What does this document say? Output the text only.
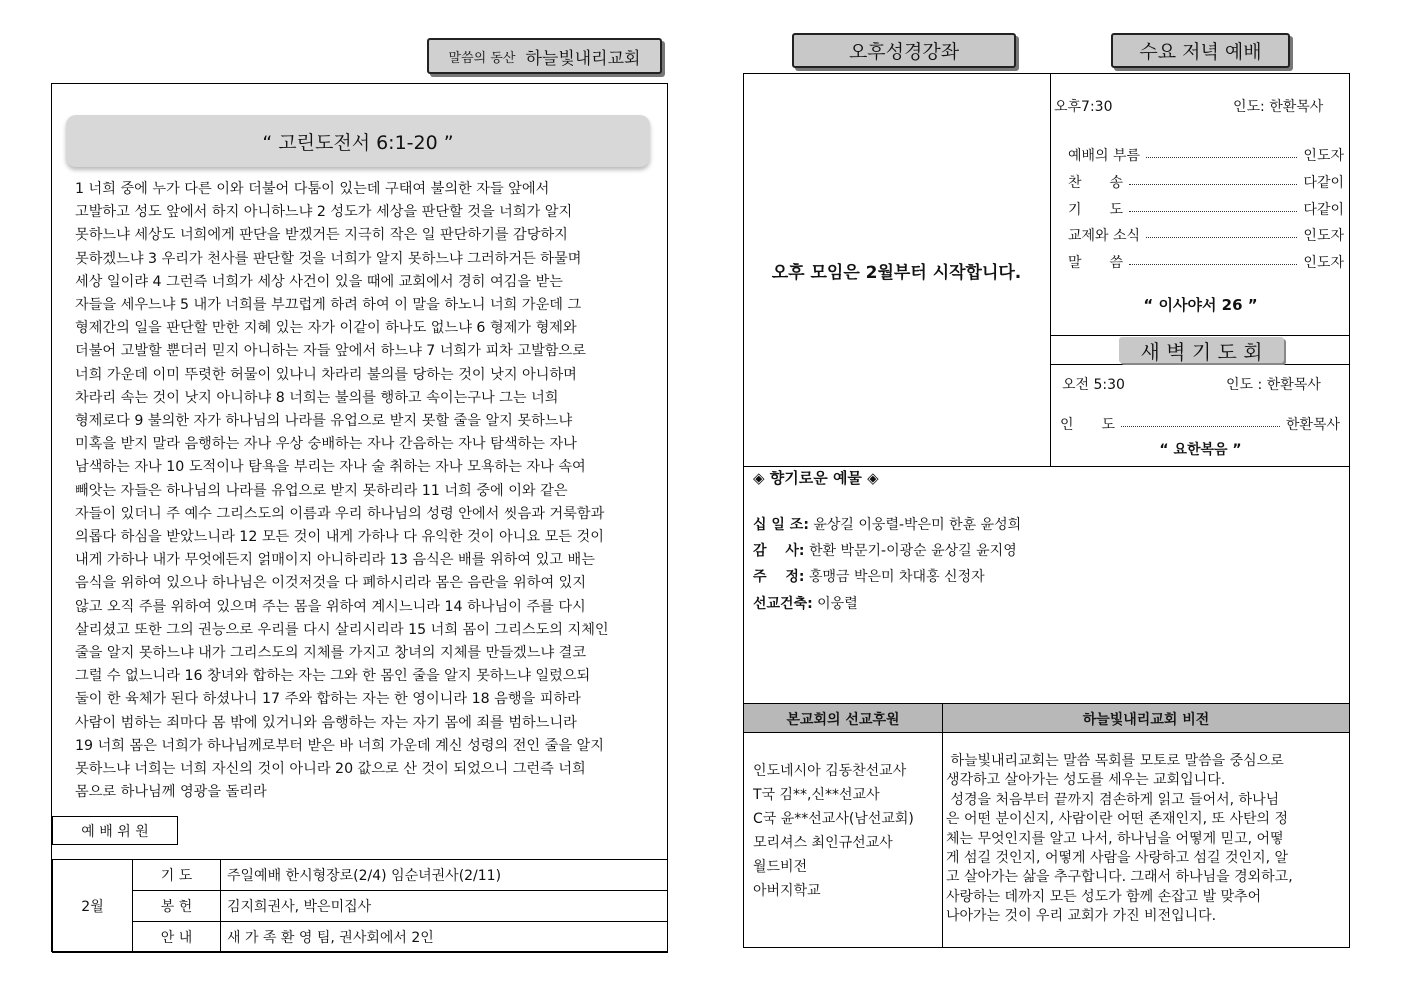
말씀의 동산 하늘빛내리교회
“ 고린도전서 6:1-20 ”
1 너희 중에 누가 다른 이와 더불어 다툼이 있는데 구태여 불의한 자들 앞에서
고발하고 성도 앞에서 하지 아니하느냐 2 성도가 세상을 판단할 것을 너희가 알지
못하느냐 세상도 너희에게 판단을 받겠거든 지극히 작은 일 판단하기를 감당하지
못하겠느냐 3 우리가 천사를 판단할 것을 너희가 알지 못하느냐 그러하거든 하물며
세상 일이랴 4 그런즉 너희가 세상 사건이 있을 때에 교회에서 경히 여김을 받는
자들을 세우느냐 5 내가 너희를 부끄럽게 하려 하여 이 말을 하노니 너희 가운데 그
형제간의 일을 판단할 만한 지혜 있는 자가 이같이 하나도 없느냐 6 형제가 형제와
더불어 고발할 뿐더러 믿지 아니하는 자들 앞에서 하느냐 7 너희가 피차 고발함으로
너희 가운데 이미 뚜렷한 허물이 있나니 차라리 불의를 당하는 것이 낫지 아니하며
차라리 속는 것이 낫지 아니하냐 8 너희는 불의를 행하고 속이는구나 그는 너희
형제로다 9 불의한 자가 하나님의 나라를 유업으로 받지 못할 줄을 알지 못하느냐
미혹을 받지 말라 음행하는 자나 우상 숭배하는 자나 간음하는 자나 탐색하는 자나
남색하는 자나 10 도적이나 탐욕을 부리는 자나 술 취하는 자나 모욕하는 자나 속여
빼앗는 자들은 하나님의 나라를 유업으로 받지 못하리라 11 너희 중에 이와 같은
자들이 있더니 주 예수 그리스도의 이름과 우리 하나님의 성령 안에서 씻음과 거룩함과
의롭다 하심을 받았느니라 12 모든 것이 내게 가하나 다 유익한 것이 아니요 모든 것이
내게 가하나 내가 무엇에든지 얽매이지 아니하리라 13 음식은 배를 위하여 있고 배는
음식을 위하여 있으나 하나님은 이것저것을 다 폐하시리라 몸은 음란을 위하여 있지
않고 오직 주를 위하여 있으며 주는 몸을 위하여 계시느니라 14 하나님이 주를 다시
살리셨고 또한 그의 권능으로 우리를 다시 살리시리라 15 너희 몸이 그리스도의 지체인
줄을 알지 못하느냐 내가 그리스도의 지체를 가지고 창녀의 지체를 만들겠느냐 결코
그럴 수 없느니라 16 창녀와 합하는 자는 그와 한 몸인 줄을 알지 못하느냐 일렀으되
둘이 한 육체가 된다 하셨나니 17 주와 합하는 자는 한 영이니라 18 음행을 피하라
사람이 범하는 죄마다 몸 밖에 있거니와 음행하는 자는 자기 몸에 죄를 범하느니라
19 너희 몸은 너희가 하나님께로부터 받은 바 너희 가운데 계신 성령의 전인 줄을 알지
못하느냐 너희는 너희 자신의 것이 아니라 20 값으로 산 것이 되었으니 그런즉 너희
몸으로 하나님께 영광을 돌리라
예 배 위 원
2월	기 도	주일예배 한시형장로(2/4) 임순녀권사(2/11)
	봉 헌	김지희권사, 박은미집사
	안 내	새 가 족 환 영 팀, 권사회에서 2인
오후성경강좌	수요 저녁 예배
오후 모임은 2월부터 시작합니다.
오후7:30	인도: 한환목사
예배의 부름	인도자
찬　　송	다같이
기　　도	다같이
교제와 소식	인도자
말　　씀	인도자
“ 이사야서 26 ”
새 벽 기 도 회
오전 5:30	인도 : 한환목사
인　　도	한환목사
“ 요한복음 ”
◈ 향기로운 예물 ◈
십 일 조: 윤상길 이웅렬-박은미 한훈 윤성희
감　 사: 한환 박문기-이광순 윤상길 윤지영
주　 정: 홍맹금 박은미 차대홍 신정자
선교건축: 이웅렬
본교회의 선교후원	하늘빛내리교회 비전
인도네시아 김동찬선교사
T국 김**,신**선교사
C국 윤**선교사(남선교회)
모리셔스 최인규선교사
월드비전
아버지학교
하늘빛내리교회는 말씀 목회를 모토로 말씀을 중심으로
생각하고 살아가는 성도를 세우는 교회입니다.
성경을 처음부터 끝까지 겸손하게 읽고 들어서, 하나님
은 어떤 분이신지, 사람이란 어떤 존재인지, 또 사탄의 정
체는 무엇인지를 알고 나서, 하나님을 어떻게 믿고, 어떻
게 섬길 것인지, 어떻게 사람을 사랑하고 섬길 것인지, 알
고 살아가는 삶을 추구합니다. 그래서 하나님을 경외하고,
사랑하는 데까지 모든 성도가 함께 손잡고 발 맞추어
나아가는 것이 우리 교회가 가진 비전입니다.
